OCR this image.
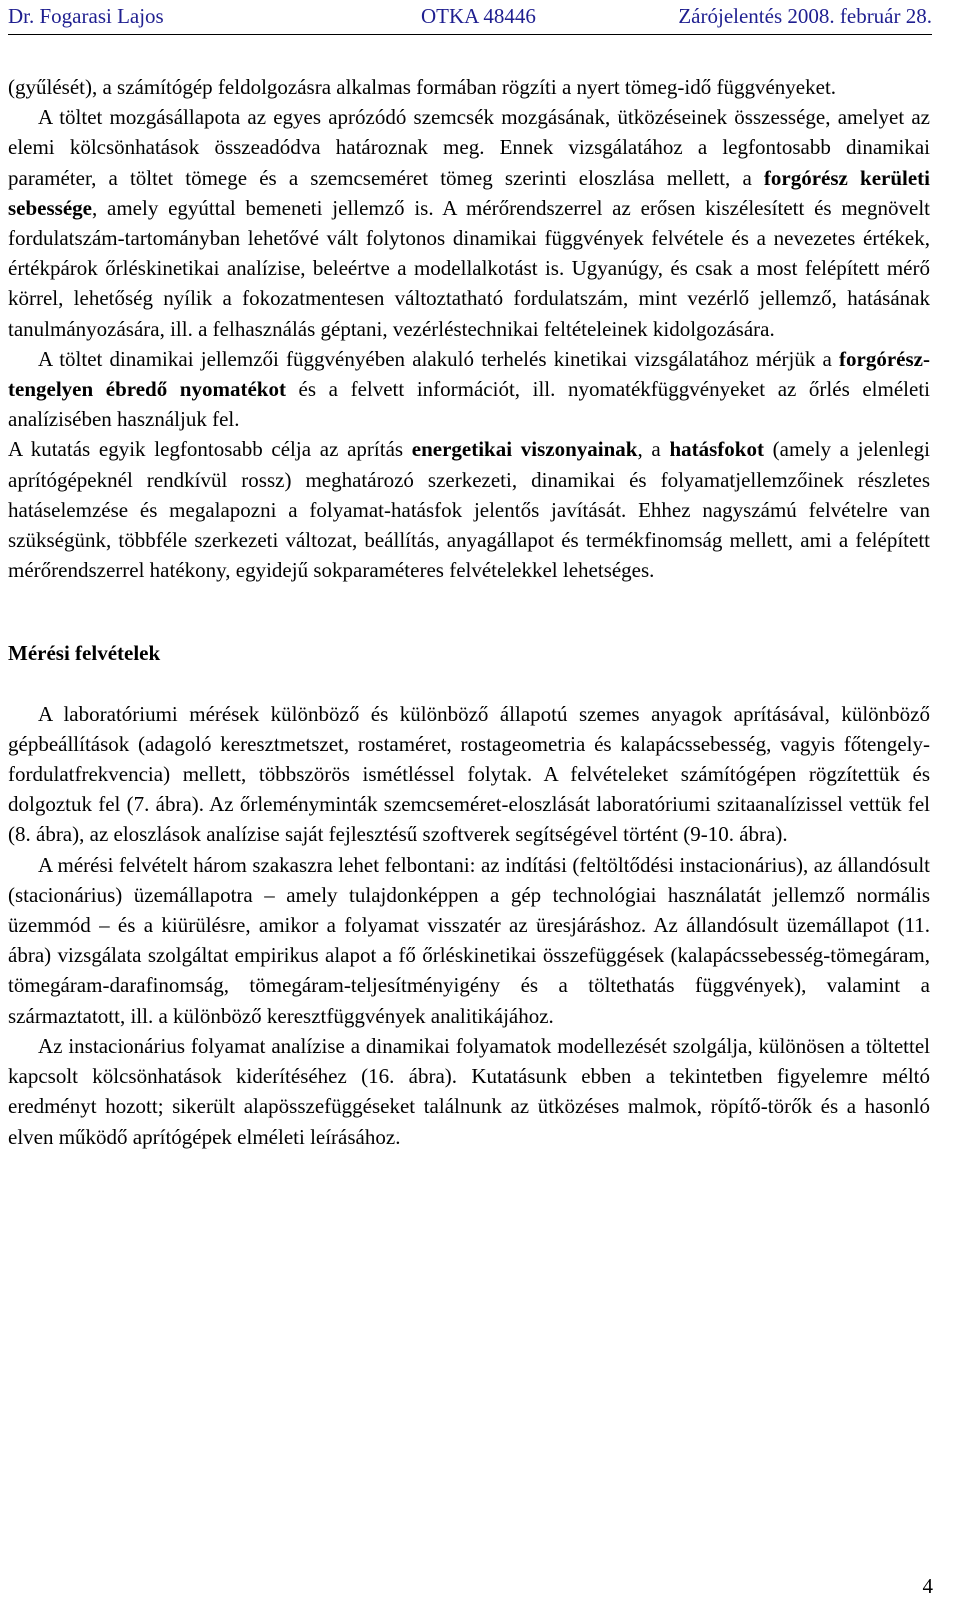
Dr. Fogarasi Lajos	OTKA 48446	Zárójelentés 2008. február 28.

(gyűlését), a számítógép feldolgozásra alkalmas formában rögzíti a nyert tömeg-idő függvényeket.

A töltet mozgásállapota az egyes aprózódó szemcsék mozgásának, ütközéseinek összessége, amelyet az elemi kölcsönhatások összeadódva határoznak meg. Ennek vizsgálatához a legfontosabb dinamikai paraméter, a töltet tömege és a szemcseméret tömeg szerinti eloszlása mellett, a forgórész kerületi sebessége, amely egyúttal bemeneti jellemző is. A mérőrendszerrel az erősen kiszélesített és megnövelt fordulatszám-tartományban lehetővé vált folytonos dinamikai függvények felvétele és a nevezetes értékek, értékpárok őrléskinetikai analízise, beleértve a modellalkotást is. Ugyanúgy, és csak a most felépített mérő körrel, lehetőség nyílik a fokozatmentesen változtatható fordulatszám, mint vezérlő jellemző, hatásának tanulmányozására, ill. a felhasználás géptani, vezérléstechnikai feltételeinek kidolgozására.

A töltet dinamikai jellemzői függvényében alakuló terhelés kinetikai vizsgálatához mérjük a forgórész-tengelyen ébredő nyomatékot és a felvett információt, ill. nyomatékfüggvényeket az őrlés elméleti analízisében használjuk fel.

A kutatás egyik legfontosabb célja az aprítás energetikai viszonyainak, a hatásfokot (amely a jelenlegi aprítógépeknél rendkívül rossz) meghatározó szerkezeti, dinamikai és folyamatjellemzőinek részletes hatáselemzése és megalapozni a folyamat-hatásfok jelentős javítását. Ehhez nagyszámú felvételre van szükségünk, többféle szerkezeti változat, beállítás, anyagállapot és termékfinomság mellett, ami a felépített mérőrendszerrel hatékony, egyidejű sokparaméteres felvételekkel lehetséges.

Mérési felvételek

A laboratóriumi mérések különböző és különböző állapotú szemes anyagok aprításával, különböző gépbeállítások (adagoló keresztmetszet, rostaméret, rostageometria és kalapácssebesség, vagyis főtengely-fordulatfrekvencia) mellett, többszörös ismétléssel folytak. A felvételeket számítógépen rögzítettük és dolgoztuk fel (7. ábra). Az őrleményminták szemcseméret-eloszlását laboratóriumi szitaanalízissel vettük fel (8. ábra), az eloszlások analízise saját fejlesztésű szoftverek segítségével történt (9-10. ábra).

A mérési felvételt három szakaszra lehet felbontani: az indítási (feltöltődési instacionárius), az állandósult (stacionárius) üzemállapotra – amely tulajdonképpen a gép technológiai használatát jellemző normális üzemmód – és a kiürülésre, amikor a folyamat visszatér az üresjáráshoz. Az állandósult üzemállapot (11. ábra) vizsgálata szolgáltat empirikus alapot a fő őrléskinetikai összefüggések (kalapácssebesség-tömegáram, tömegáram-darafinomság, tömegáram-teljesítményigény és a töltethatás függvények), valamint a származtatott, ill. a különböző keresztfüggvények analitikájához.

Az instacionárius folyamat analízise a dinamikai folyamatok modellezését szolgálja, különösen a töltettel kapcsolt kölcsönhatások kiderítéséhez (16. ábra). Kutatásunk ebben a tekintetben figyelemre méltó eredményt hozott; sikerült alapösszefüggéseket találnunk az ütközéses malmok, röpítő-törők és a hasonló elven működő aprítógépek elméleti leírásához.

4
